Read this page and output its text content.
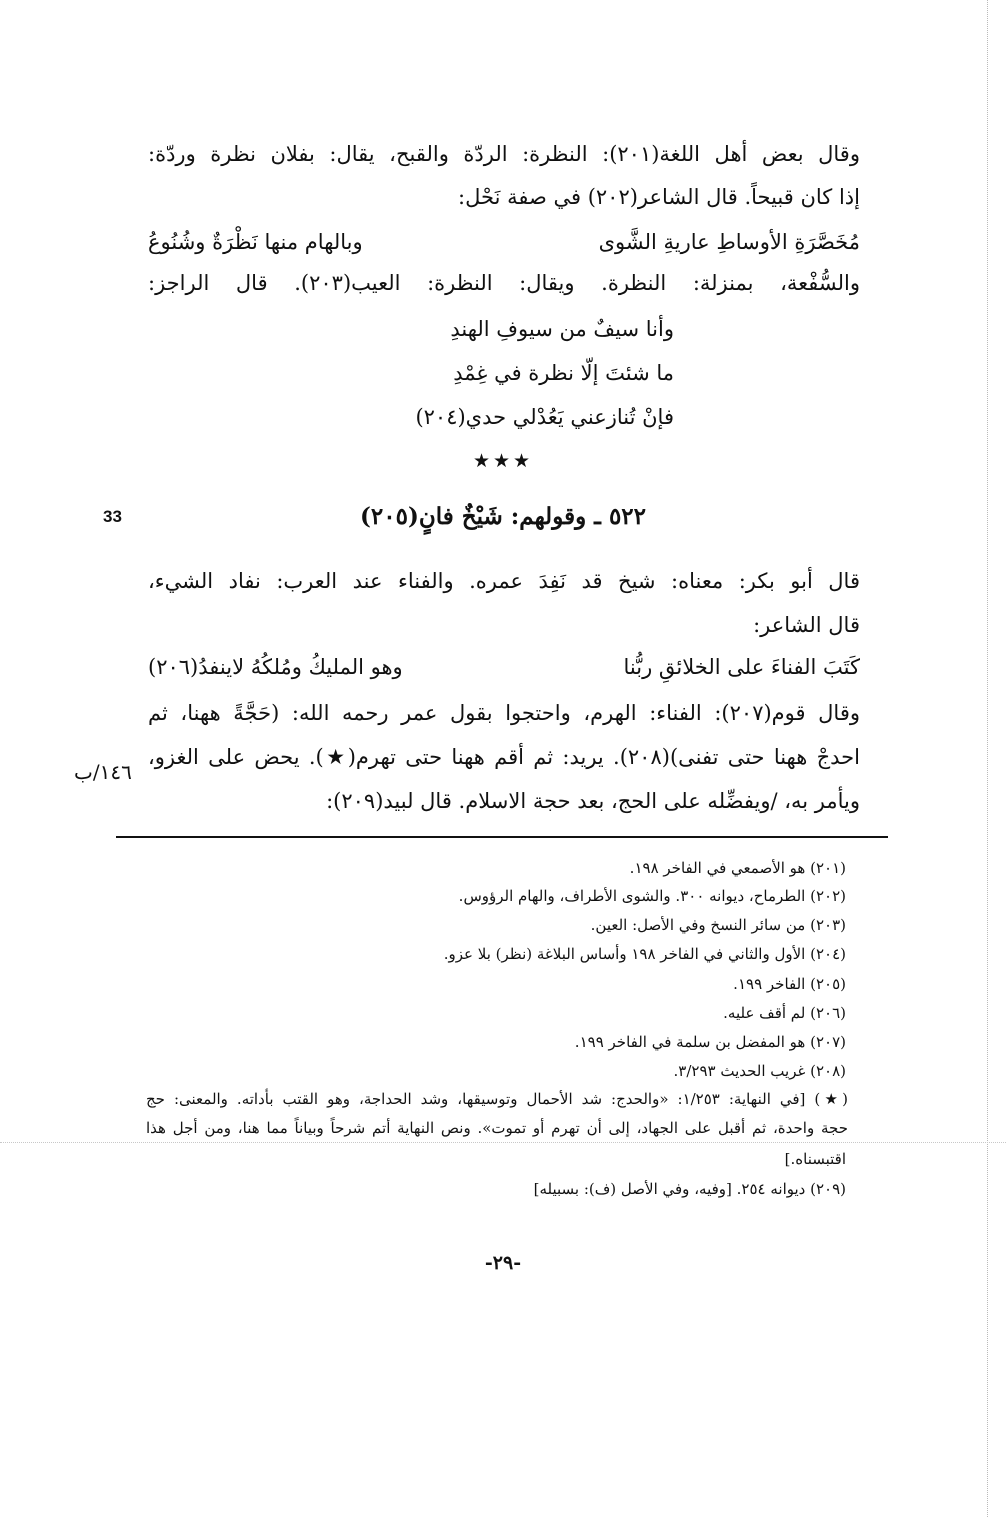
وقال بعض أهل اللغة(٢٠١): النظرة: الردّة والقبح، يقال: بفلان نظرة وردّة:
إذا كان قبيحاً. قال الشاعر(٢٠٢) في صفة نَحْل:
وبالهام منها نَظْرَةٌ وشُنُوعُ	مُخَصَّرَةِ الأوساطِ عاريةِ الشَّوى
والسُّفْعة، بمنزلة: النظرة. ويقال: النظرة: العيب(٢٠٣). قال الراجز:
وأنا سيفٌ من سيوفِ الهندِ
ما شئتَ إلّا نظرة في غِمْدِ
فإنْ تُنازعني يَعُدْلي حدي(٢٠٤)
★★★
33	٥٢٢ ـ وقولهم: شَيْخٌ فانٍ(٢٠٥)
قال أبو بكر: معناه: شيخ قد نَفِدَ عمره. والفناء عند العرب: نفاد الشيء،
قال الشاعر:
وهو المليكُ ومُلكُهُ لاينفدُ(٢٠٦)	كَتَبَ الفناءَ على الخلائقِ ربُّنا
وقال قوم(٢٠٧): الفناء: الهرم، واحتجوا بقول عمر رحمه الله: (حَجَّةً ههنا، ثم
احدجْ ههنا حتى تفنى)(٢٠٨). يريد: ثم أقم ههنا حتى تهرم(★). يحض على الغزو،
ويأمر به، /ويفضِّله على الحج، بعد حجة الاسلام. قال لبيد(٢٠٩):
١٤٦/ب
(٢٠١) هو الأصمعي في الفاخر ١٩٨.
(٢٠٢) الطرماح، ديوانه ٣٠٠. والشوى الأطراف، والهام الرؤوس.
(٢٠٣) من سائر النسخ وفي الأصل: العين.
(٢٠٤) الأول والثاني في الفاخر ١٩٨ وأساس البلاغة (نظر) بلا عزو.
(٢٠٥) الفاخر ١٩٩.
(٢٠٦) لم أقف عليه.
(٢٠٧) هو المفضل بن سلمة في الفاخر ١٩٩.
(٢٠٨) غريب الحديث ٣/٢٩٣.
(★) [في النهاية: ١/٢٥٣: «والحدج: شد الأحمال وتوسيقها، وشد الحداجة، وهو القتب بأداته. والمعنى: حج
حجة واحدة، ثم أقبل على الجهاد، إلى أن تهرم أو تموت». ونص النهاية أتم شرحاً وبياناً مما هنا، ومن أجل هذا
اقتبسناه.]
(٢٠٩) ديوانه ٢٥٤. [وفيه، وفي الأصل (ف): بسبيله]
-٢٩-
